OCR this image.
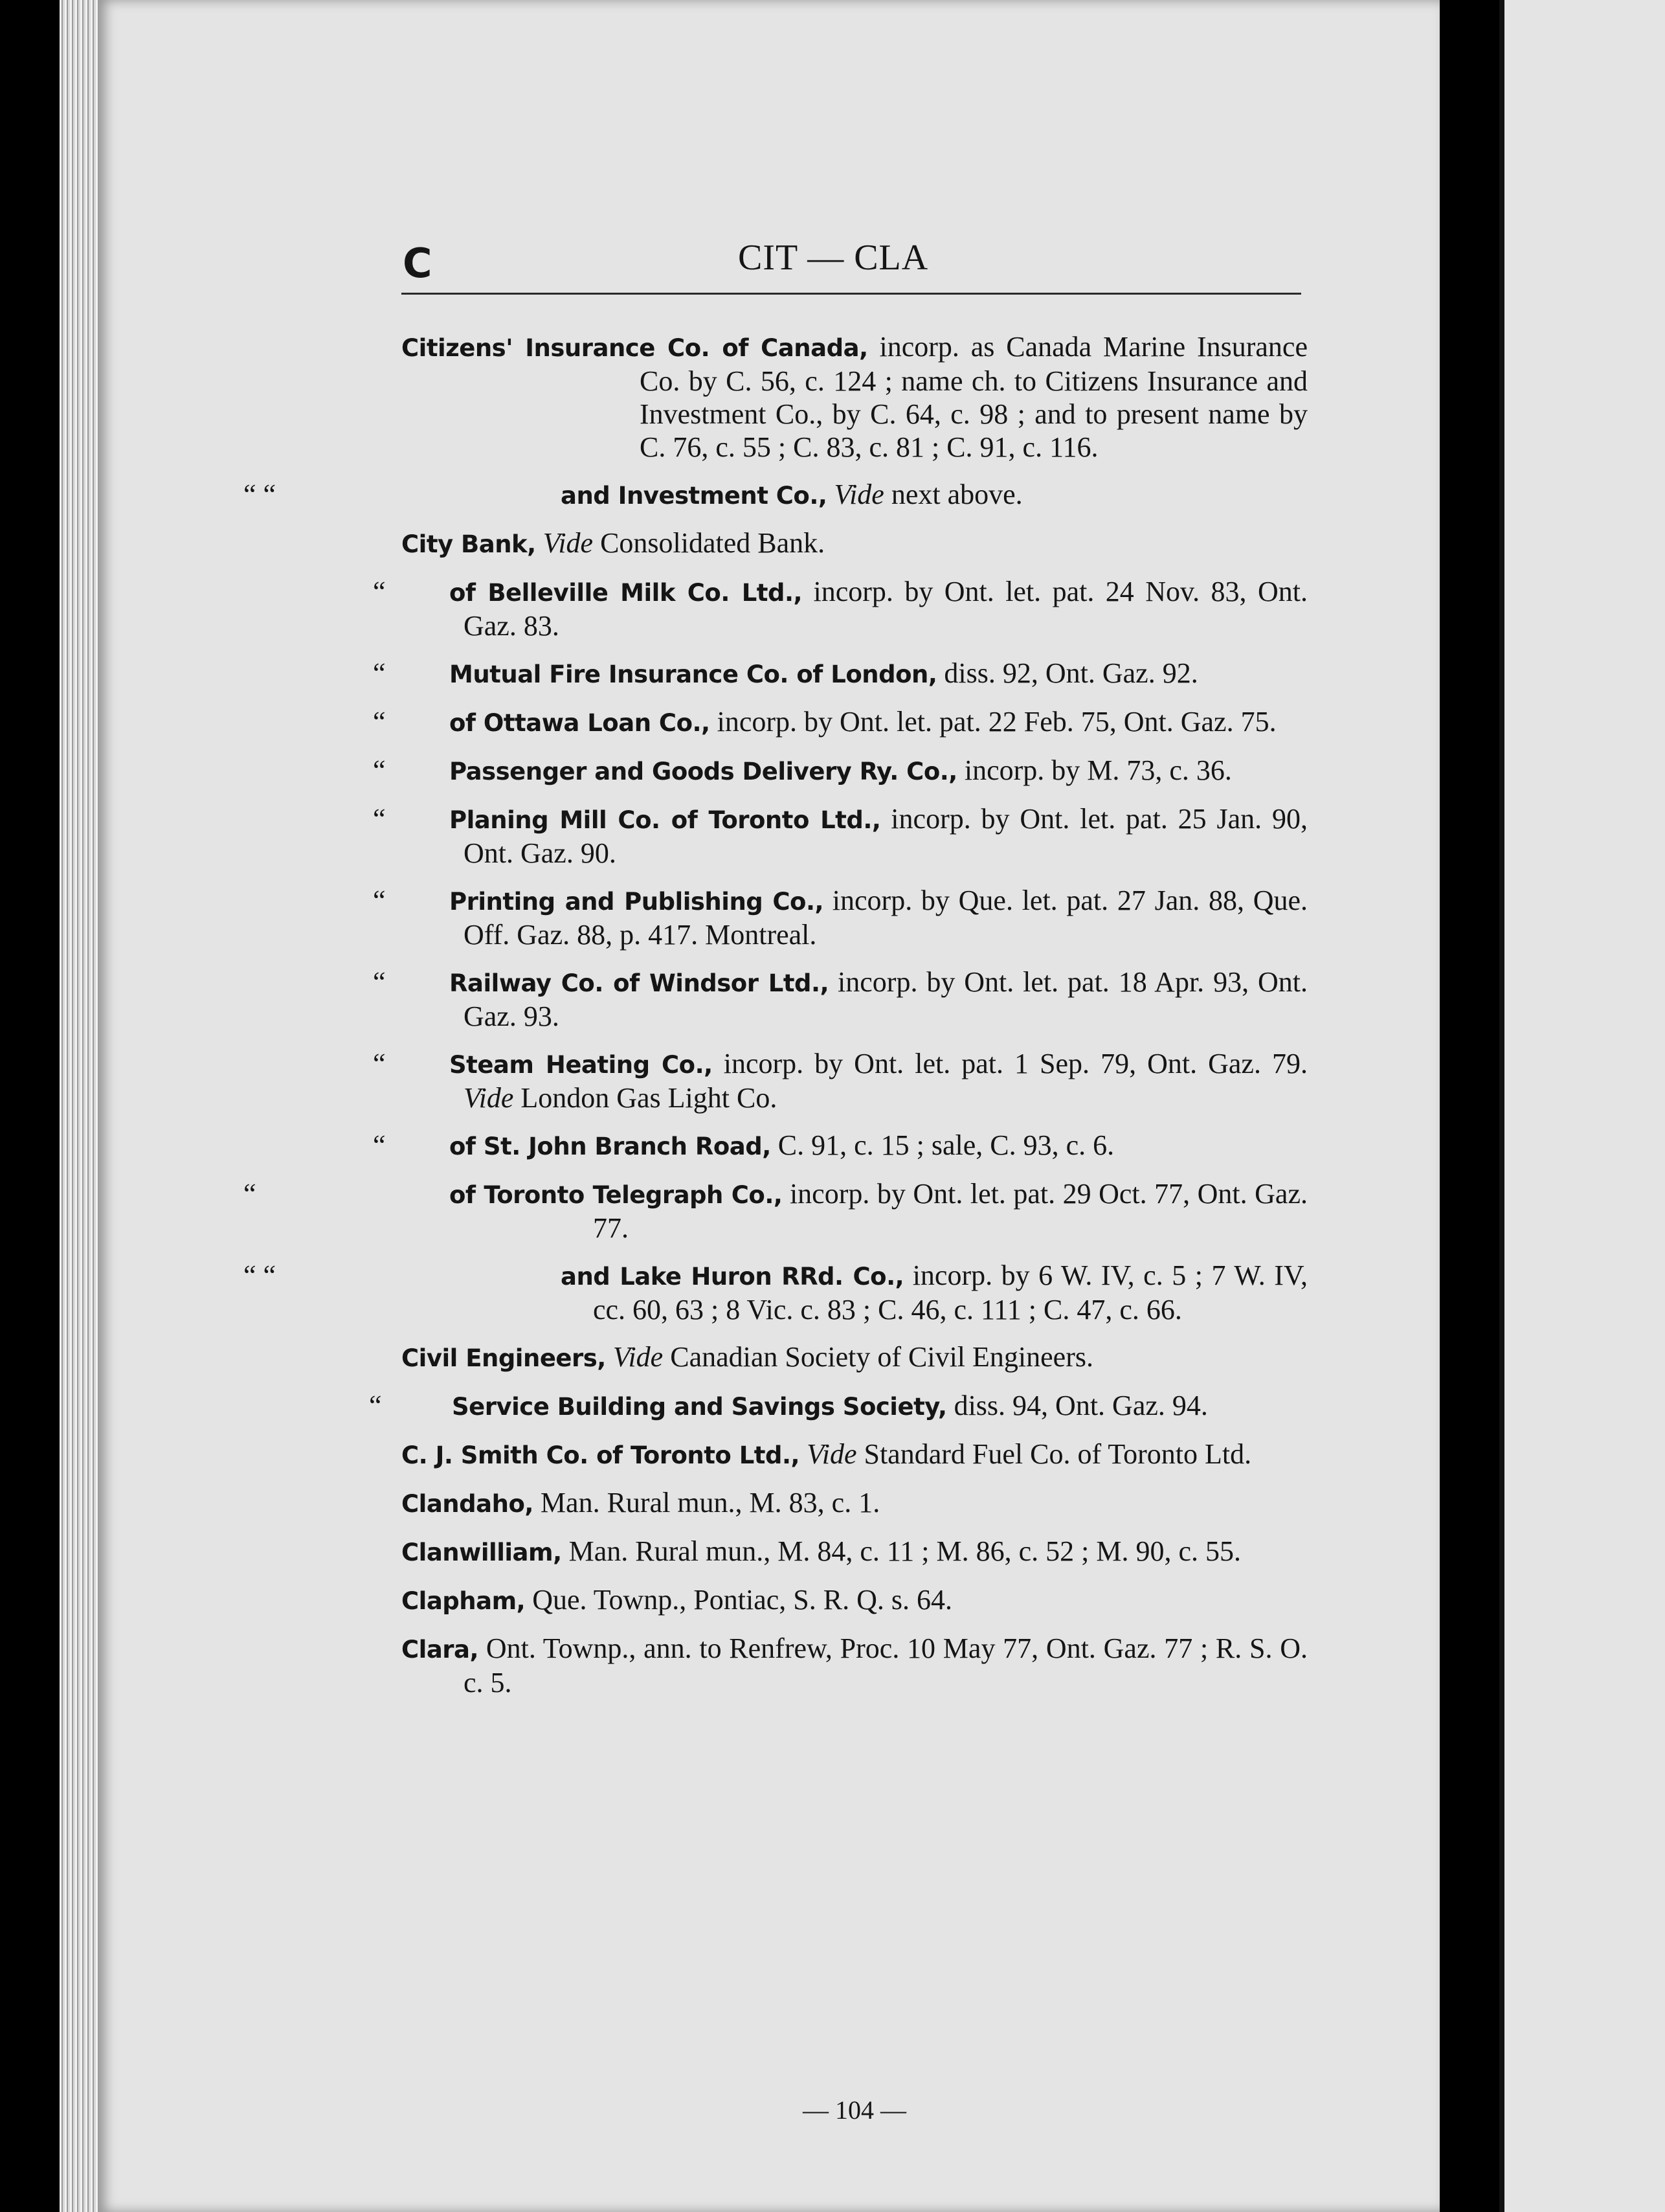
C	CIT — CLA
Citizens' Insurance Co. of Canada, incorp. as Canada Marine Insurance Co. by C. 56, c. 124 ; name ch. to Citizens Insurance and Investment Co., by C. 64, c. 98 ; and to present name by C. 76, c. 55 ; C. 83, c. 81 ; C. 91, c. 116.
“ “	and Investment Co., Vide next above.
City Bank, Vide Consolidated Bank.
“	of Belleville Milk Co. Ltd., incorp. by Ont. let. pat. 24 Nov. 83, Ont. Gaz. 83.
“	Mutual Fire Insurance Co. of London, diss. 92, Ont. Gaz. 92.
“	of Ottawa Loan Co., incorp. by Ont. let. pat. 22 Feb. 75, Ont. Gaz. 75.
“	Passenger and Goods Delivery Ry. Co., incorp. by M. 73, c. 36.
“	Planing Mill Co. of Toronto Ltd., incorp. by Ont. let. pat. 25 Jan. 90, Ont. Gaz. 90.
“	Printing and Publishing Co., incorp. by Que. let. pat. 27 Jan. 88, Que. Off. Gaz. 88, p. 417. Montreal.
“	Railway Co. of Windsor Ltd., incorp. by Ont. let. pat. 18 Apr. 93, Ont. Gaz. 93.
“	Steam Heating Co., incorp. by Ont. let. pat. 1 Sep. 79, Ont. Gaz. 79. Vide London Gas Light Co.
“	of St. John Branch Road, C. 91, c. 15 ; sale, C. 93, c. 6.
“	of Toronto Telegraph Co., incorp. by Ont. let. pat. 29 Oct. 77, Ont. Gaz. 77.
“ “	and Lake Huron RRd. Co., incorp. by 6 W. IV, c. 5 ; 7 W. IV, cc. 60, 63 ; 8 Vic. c. 83 ; C. 46, c. 111 ; C. 47, c. 66.
Civil Engineers, Vide Canadian Society of Civil Engineers.
“	Service Building and Savings Society, diss. 94, Ont. Gaz. 94.
C. J. Smith Co. of Toronto Ltd., Vide Standard Fuel Co. of Toronto Ltd.
Clandaho, Man. Rural mun., M. 83, c. 1.
Clanwilliam, Man. Rural mun., M. 84, c. 11 ; M. 86, c. 52 ; M. 90, c. 55.
Clapham, Que. Townp., Pontiac, S. R. Q. s. 64.
Clara, Ont. Townp., ann. to Renfrew, Proc. 10 May 77, Ont. Gaz. 77 ; R. S. O. c. 5.
— 104 —
